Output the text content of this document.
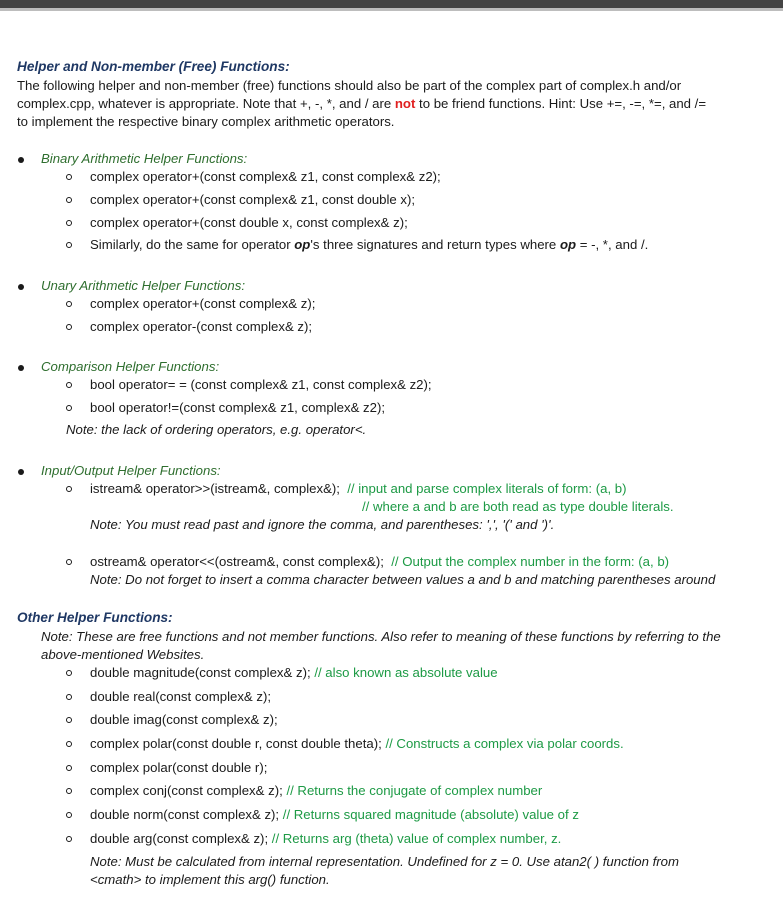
Helper and Non-member (Free) Functions:
The following helper and non-member (free) functions should also be part of the complex part of complex.h and/or
complex.cpp, whatever is appropriate. Note that +, -, *, and / are not to be friend functions. Hint: Use +=, -=, *=, and /=
to implement the respective binary complex arithmetic operators.
Binary Arithmetic Helper Functions:
complex operator+(const complex& z1, const complex& z2);
complex operator+(const complex& z1, const double x);
complex operator+(const double x, const complex& z);
Similarly, do the same for operator op's three signatures and return types where op = -, *, and /.
Unary Arithmetic Helper Functions:
complex operator+(const complex& z);
complex operator-(const complex& z);
Comparison Helper Functions:
bool operator= = (const complex& z1, const complex& z2);
bool operator!=(const complex& z1, complex& z2);
Note: the lack of ordering operators, e.g. operator<.
Input/Output Helper Functions:
istream& operator>>(istream&, complex&); // input and parse complex literals of form: (a, b)
// where a and b are both read as type double literals.
Note: You must read past and ignore the comma, and parentheses: ',', '(' and ')'.
ostream& operator<<(ostream&, const complex&); // Output the complex number in the form: (a, b)
Note: Do not forget to insert a comma character between values a and b and matching parentheses around
Other Helper Functions:
Note: These are free functions and not member functions. Also refer to meaning of these functions by referring to the
above-mentioned Websites.
double magnitude(const complex& z); // also known as absolute value
double real(const complex& z);
double imag(const complex& z);
complex polar(const double r, const double theta); // Constructs a complex via polar coords.
complex polar(const double r);
complex conj(const complex& z); // Returns the conjugate of complex number
double norm(const complex& z); // Returns squared magnitude (absolute) value of z
double arg(const complex& z); // Returns arg (theta) value of complex number, z.
Note: Must be calculated from internal representation. Undefined for z = 0. Use atan2( ) function from
<cmath> to implement this arg() function.
